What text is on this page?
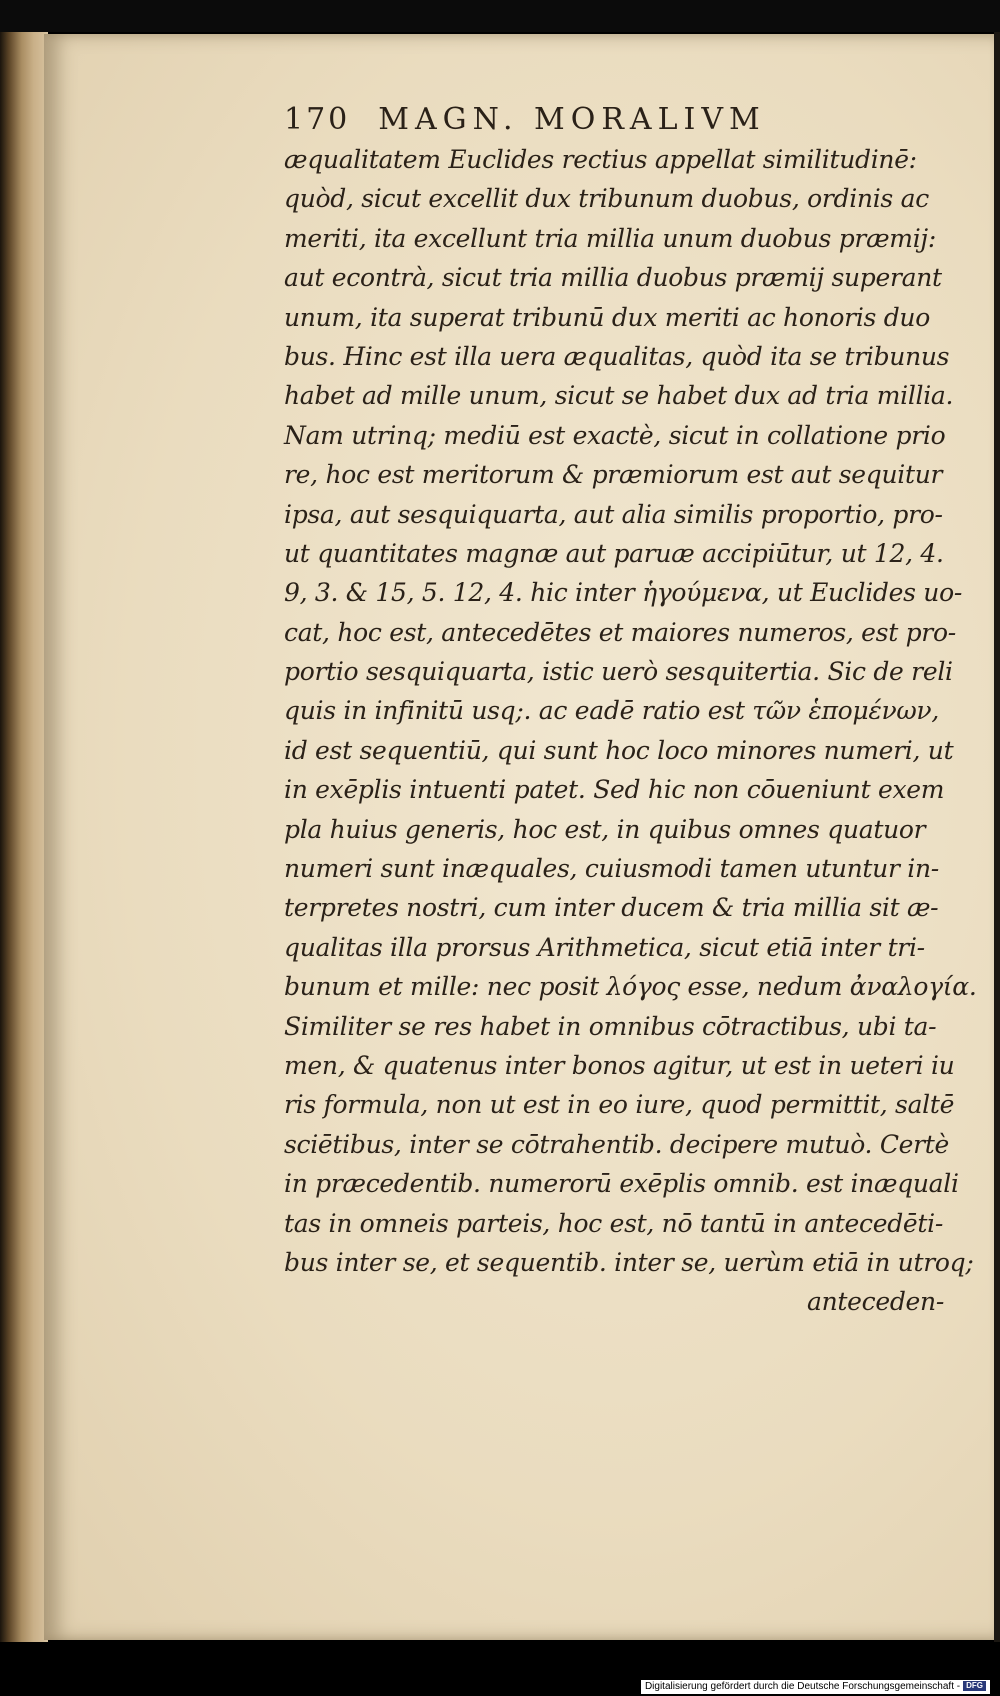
170 MAGN. MORALIVM
æqualitatem Euclides rectius appellat similitudinē:
quòd, sicut excellit dux tribunum duobus, ordinis ac
meriti, ita excellunt tria millia unum duobus præmij:
aut econtrà, sicut tria millia duobus præmij superant
unum, ita superat tribunū dux meriti ac honoris duo
bus. Hinc est illa uera æqualitas, quòd ita se tribunus
habet ad mille unum, sicut se habet dux ad tria millia.
Nam utrinq; mediū est exactè, sicut in collatione prio
re, hoc est meritorum & præmiorum est aut sequitur
ipsa, aut sesquiquarta, aut alia similis proportio, pro-
ut quantitates magnæ aut paruæ accipiūtur, ut 12, 4.
9, 3. & 15, 5. 12, 4. hic inter ἡγούμενα, ut Euclides uo-
cat, hoc est, antecedētes et maiores numeros, est pro-
portio sesquiquarta, istic uerò sesquitertia. Sic de reli
quis in infinitū usq;. ac eadē ratio est τῶν ἑπομένων,
id est sequentiū, qui sunt hoc loco minores numeri, ut
in exēplis intuenti patet. Sed hic non cōueniunt exem
pla huius generis, hoc est, in quibus omnes quatuor
numeri sunt inæquales, cuiusmodi tamen utuntur in-
terpretes nostri, cum inter ducem & tria millia sit æ-
qualitas illa prorsus Arithmetica, sicut etiā inter tri-
bunum et mille: nec posit λόγος esse, nedum ἀναλογία.
Similiter se res habet in omnibus cōtractibus, ubi ta-
men, & quatenus inter bonos agitur, ut est in ueteri iu
ris formula, non ut est in eo iure, quod permittit, saltē
sciētibus, inter se cōtrahentib. decipere mutuò. Certè
in præcedentib. numerorū exēplis omnib. est inæquali
tas in omneis parteis, hoc est, nō tantū in antecedēti-
bus inter se, et sequentib. inter se, uerùm etiā in utroq;
anteceden-
Digitalisierung gefördert durch die Deutsche Forschungsgemeinschaft - DFG
